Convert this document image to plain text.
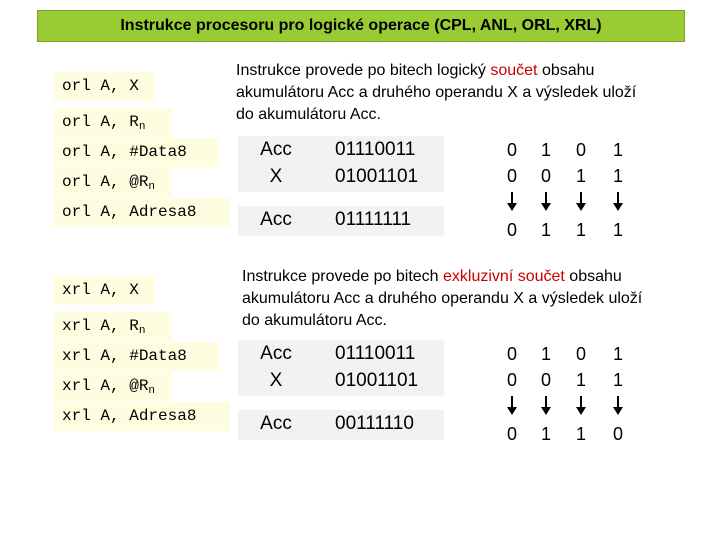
Instrukce procesoru pro logické operace (CPL, ANL, ORL, XRL)
orl A, X
orl A, $R_n$
orl A, #Data8
orl A, $@R_n$
orl A, Adresa8
Instrukce provede po bitech logický součet obsahu akumulátoru Acc a druhého operandu X a výsledek uloží do akumulátoru Acc.
Acc	01110011
X	01001101
Acc	01111111
0	1	0	1
0	0	1	1
0	1	1	1
xrl A, X
xrl A, $R_n$
xrl A, #Data8
xrl A, $@R_n$
xrl A, Adresa8
Instrukce provede po bitech exkluzivní součet obsahu akumulátoru Acc a druhého operandu X a výsledek uloží do akumulátoru Acc.
Acc	01110011
X	01001101
Acc	00111110
0	1	0	1
0	0	1	1
0	1	1	0
